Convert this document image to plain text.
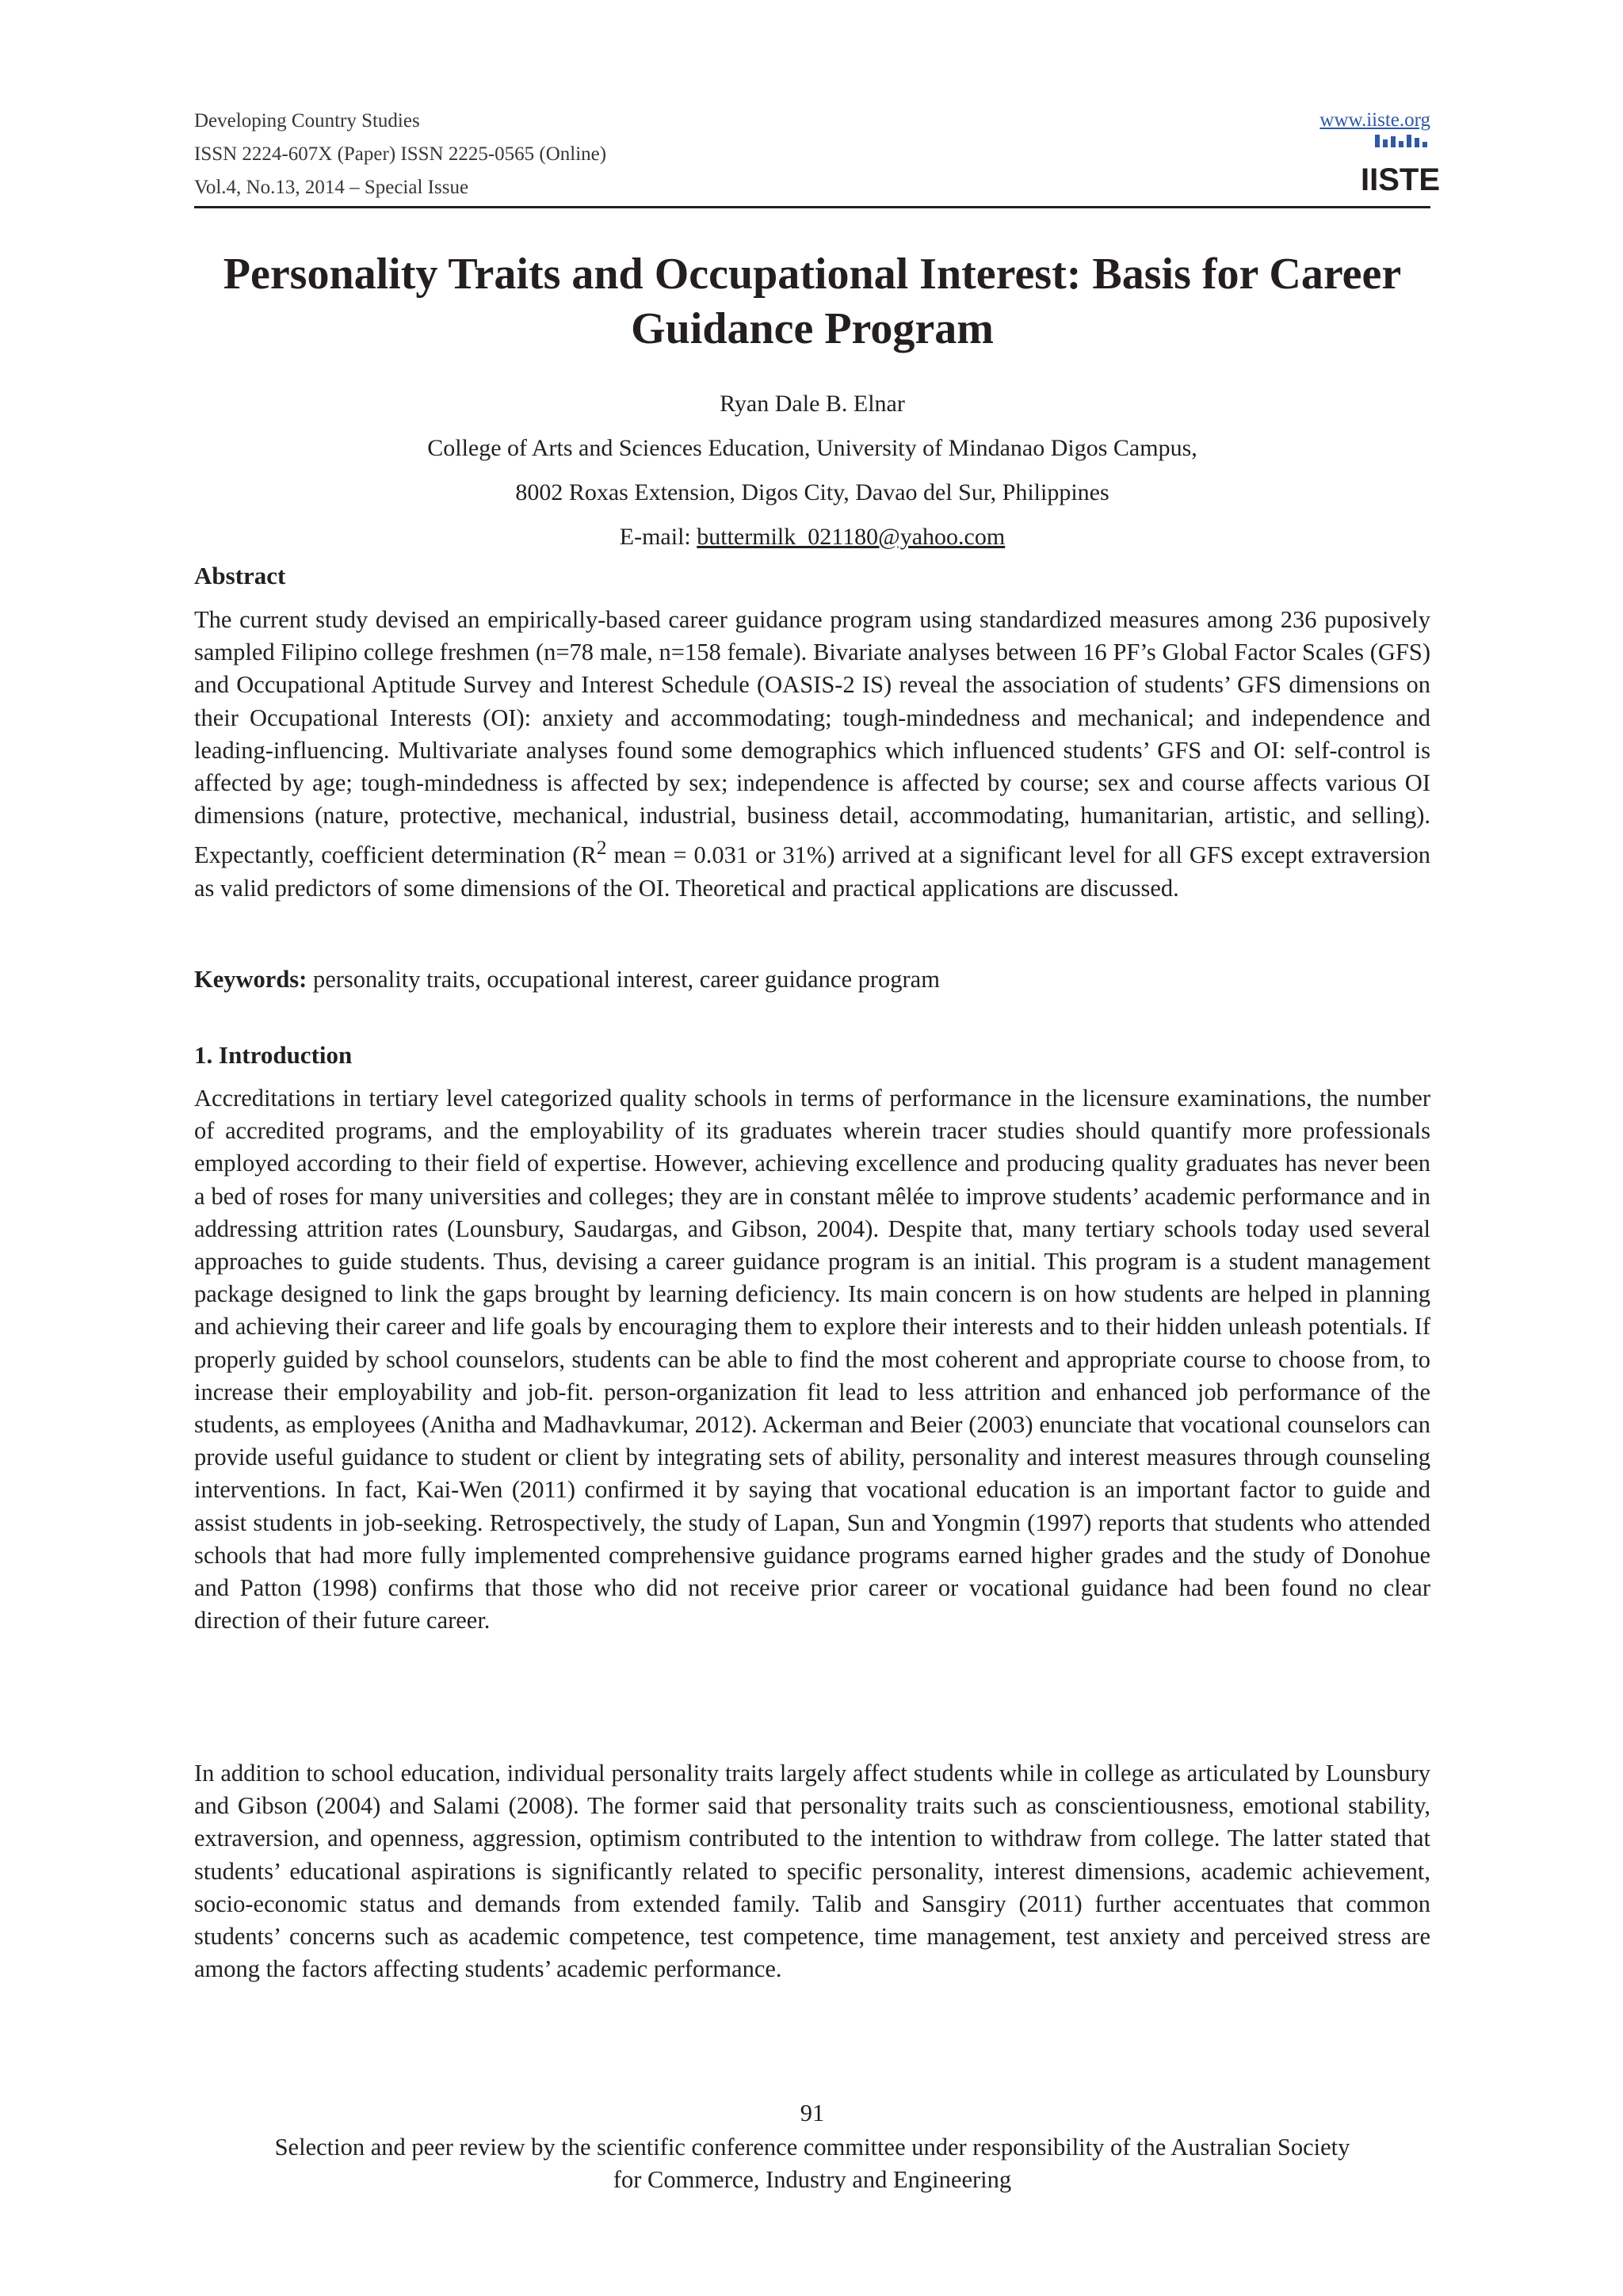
Developing Country Studies
ISSN 2224-607X (Paper) ISSN 2225-0565 (Online)
Vol.4, No.13, 2014 – Special Issue
www.iiste.org
IISTE
Personality Traits and Occupational Interest: Basis for Career Guidance Program

Ryan Dale B. Elnar

College of Arts and Sciences Education, University of Mindanao Digos Campus,

8002 Roxas Extension, Digos City, Davao del Sur, Philippines

E-mail: buttermilk_021180@yahoo.com

Abstract

The current study devised an empirically-based career guidance program using standardized measures among 236 puposively sampled Filipino college freshmen (n=78 male, n=158 female). Bivariate analyses between 16 PF’s Global Factor Scales (GFS) and Occupational Aptitude Survey and Interest Schedule (OASIS-2 IS) reveal the association of students’ GFS dimensions on their Occupational Interests (OI): anxiety and accommodating; tough-mindedness and mechanical; and independence and leading-influencing. Multivariate analyses found some demographics which influenced students’ GFS and OI: self-control is affected by age; tough-mindedness is affected by sex; independence is affected by course; sex and course affects various OI dimensions (nature, protective, mechanical, industrial, business detail, accommodating, humanitarian, artistic, and selling). Expectantly, coefficient determination ($R^2$ mean = 0.031 or 31%) arrived at a significant level for all GFS except extraversion as valid predictors of some dimensions of the OI. Theoretical and practical applications are discussed.

Keywords: personality traits, occupational interest, career guidance program
1. Introduction

Accreditations in tertiary level categorized quality schools in terms of performance in the licensure examinations, the number of accredited programs, and the employability of its graduates wherein tracer studies should quantify more professionals employed according to their field of expertise. However, achieving excellence and producing quality graduates has never been a bed of roses for many universities and colleges; they are in constant mêlée to improve students’ academic performance and in addressing attrition rates (Lounsbury, Saudargas, and Gibson, 2004). Despite that, many tertiary schools today used several approaches to guide students. Thus, devising a career guidance program is an initial. This program is a student management package designed to link the gaps brought by learning deficiency. Its main concern is on how students are helped in planning and achieving their career and life goals by encouraging them to explore their interests and to their hidden unleash potentials. If properly guided by school counselors, students can be able to find the most coherent and appropriate course to choose from, to increase their employability and job-fit. person-organization fit lead to less attrition and enhanced job performance of the students, as employees (Anitha and Madhavkumar, 2012). Ackerman and Beier (2003) enunciate that vocational counselors can provide useful guidance to student or client by integrating sets of ability, personality and interest measures through counseling interventions. In fact, Kai-Wen (2011) confirmed it by saying that vocational education is an important factor to guide and assist students in job-seeking. Retrospectively, the study of Lapan, Sun and Yongmin (1997) reports that students who attended schools that had more fully implemented comprehensive guidance programs earned higher grades and the study of Donohue and Patton (1998) confirms that those who did not receive prior career or vocational guidance had been found no clear direction of their future career.

In addition to school education, individual personality traits largely affect students while in college as articulated by Lounsbury and Gibson (2004) and Salami (2008). The former said that personality traits such as conscientiousness, emotional stability, extraversion, and openness, aggression, optimism contributed to the intention to withdraw from college. The latter stated that students’ educational aspirations is significantly related to specific personality, interest dimensions, academic achievement, socio-economic status and demands from extended family. Talib and Sansgiry (2011) further accentuates that common students’ concerns such as academic competence, test competence, time management, test anxiety and perceived stress are among the factors affecting students’ academic performance.

91

Selection and peer review by the scientific conference committee under responsibility of the Australian Society

for Commerce, Industry and Engineering
